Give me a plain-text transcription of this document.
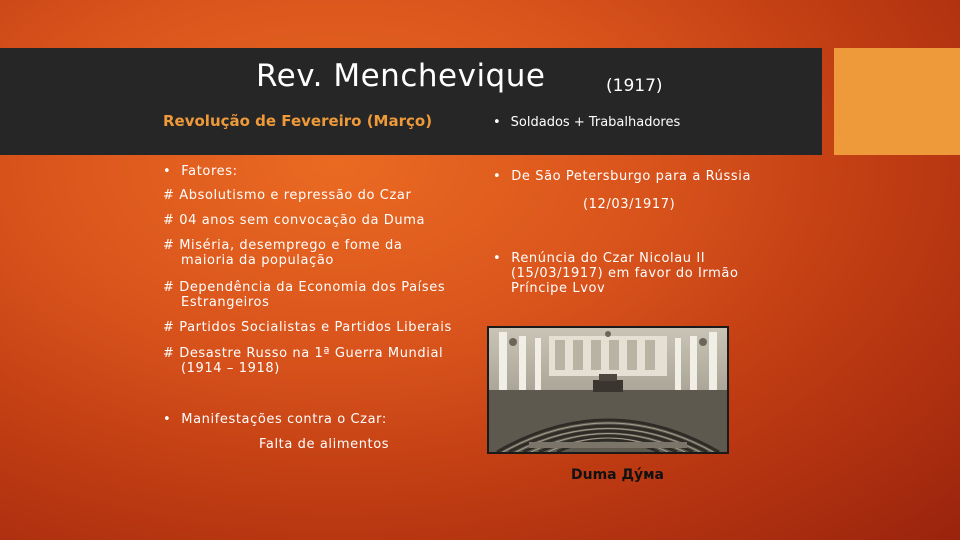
Rev. Menchevique	(1917)
Revolução de Fevereiro (Março)
• Fatores:
# Absolutismo e repressão do Czar
# 04 anos sem convocação da Duma
# Miséria, desemprego e fome da maioria da população
# Dependência da Economia dos Países Estrangeiros
# Partidos Socialistas e Partidos Liberais
# Desastre Russo na 1ª Guerra Mundial (1914 – 1918)
• Manifestações contra o Czar:
Falta de alimentos
• Soldados + Trabalhadores
• De São Petersburgo para a Rússia
(12/03/1917)
• Renúncia do Czar Nicolau II (15/03/1917) em favor do Irmão Príncipe Lvov
Duma Ду́ма
